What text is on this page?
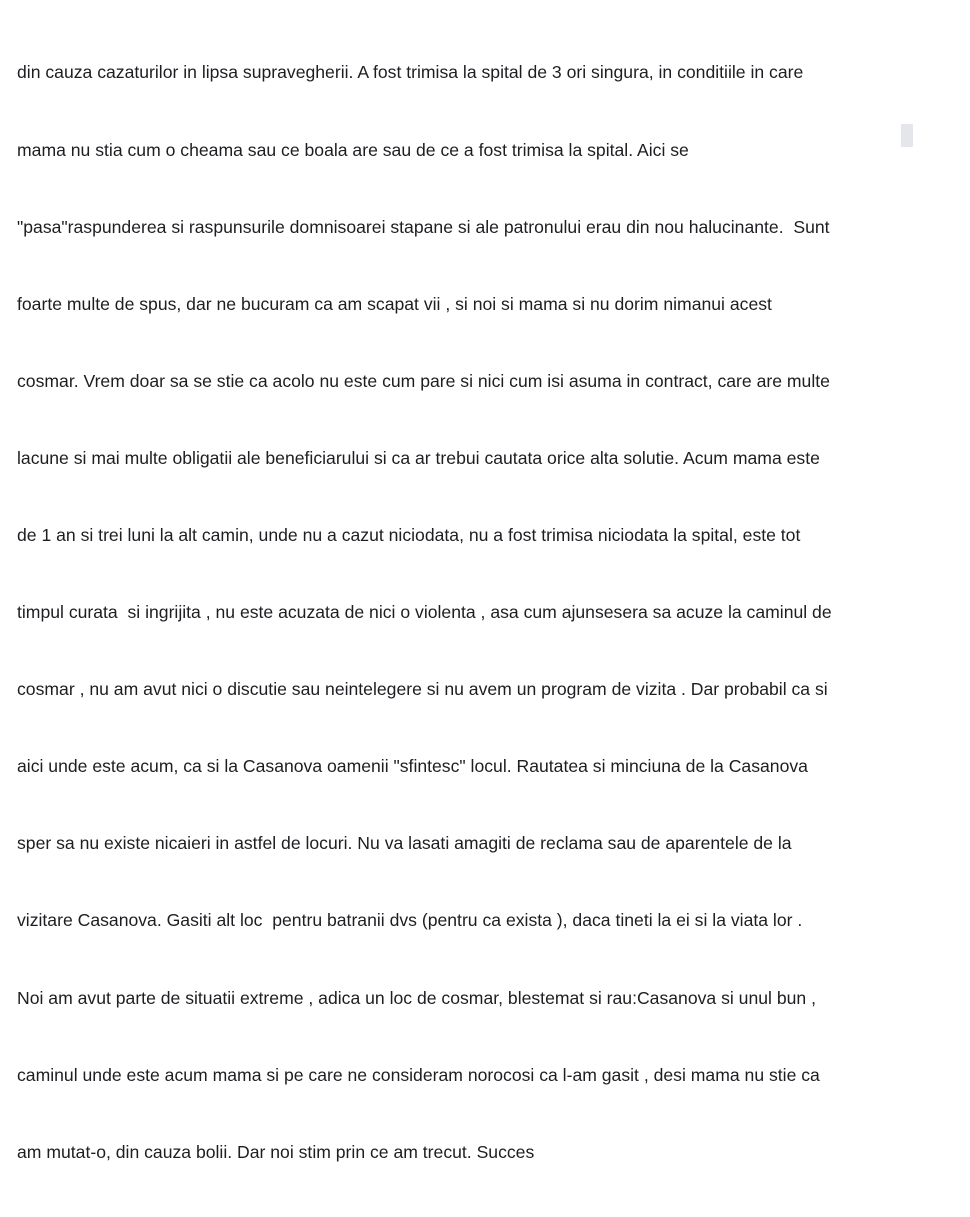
din cauza cazaturilor in lipsa supravegherii. A fost trimisa la spital de 3 ori singura, in conditiile in care

mama nu stia cum o cheama sau ce boala are sau de ce a fost trimisa la spital. Aici se

"pasa"raspunderea si raspunsurile domnisoarei stapane si ale patronului erau din nou halucinante.  Sunt

foarte multe de spus, dar ne bucuram ca am scapat vii , si noi si mama si nu dorim nimanui acest

cosmar. Vrem doar sa se stie ca acolo nu este cum pare si nici cum isi asuma in contract, care are multe

lacune si mai multe obligatii ale beneficiarului si ca ar trebui cautata orice alta solutie. Acum mama este

de 1 an si trei luni la alt camin, unde nu a cazut niciodata, nu a fost trimisa niciodata la spital, este tot

timpul curata  si ingrijita , nu este acuzata de nici o violenta , asa cum ajunsesera sa acuze la caminul de

cosmar , nu am avut nici o discutie sau neintelegere si nu avem un program de vizita . Dar probabil ca si

aici unde este acum, ca si la Casanova oamenii "sfintesc" locul. Rautatea si minciuna de la Casanova

sper sa nu existe nicaieri in astfel de locuri. Nu va lasati amagiti de reclama sau de aparentele de la

vizitare Casanova. Gasiti alt loc  pentru batranii dvs (pentru ca exista ), daca tineti la ei si la viata lor .

Noi am avut parte de situatii extreme , adica un loc de cosmar, blestemat si rau:Casanova si unul bun ,

caminul unde este acum mama si pe care ne consideram norocosi ca l-am gasit , desi mama nu stie ca

am mutat-o, din cauza bolii. Dar noi stim prin ce am trecut. Succes
